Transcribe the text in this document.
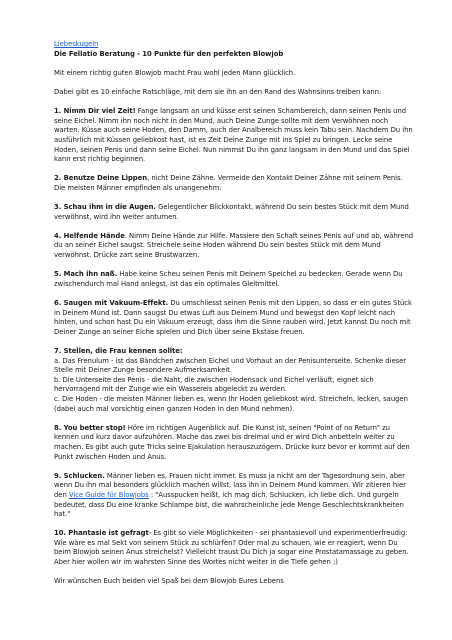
Liebeskugeln
Die Fellatio Beratung - 10 Punkte für den perfekten Blowjob

Mit einem richtig guten Blowjob macht Frau wohl jeden Mann glücklich.

Dabei gibt es 10 einfache Ratschläge, mit dem sie ihn an den Rand des Wahnsinns treiben kann:

1. Nimm Dir viel Zeit! Fange langsam an und küsse erst seinen Schambereich, dann seinen Penis und seine Eichel. Nimm ihn noch nicht in den Mund, auch Deine Zunge sollte mit dem Verwöhnen noch warten. Küsse auch seine Hoden, den Damm, auch der Analbereich muss kein Tabu sein. Nachdem Du ihn ausführlich mit Küssen geliebkost hast, ist es Zeit Deine Zunge mit ins Spiel zu bringen. Lecke seine Hoden, seinen Penis und dann seine Eichel. Nun nimmst Du ihn ganz langsam in den Mund und das Spiel kann erst richtig beginnen.

2. Benutze Deine Lippen, nicht Deine Zähne. Vermeide den Kontakt Deiner Zähne mit seinem Penis. Die meisten Männer empfinden als unangenehm.

3. Schau ihm in die Augen. Gelegentlicher Blickkontakt, während Du sein bestes Stück mit dem Mund verwöhnst, wird ihn weiter anturnen.

4. Helfende Hände. Nimm Deine Hände zur Hilfe. Massiere den Schaft seines Penis auf und ab, während du an seiner Eichel saugst. Streichele seine Hoden während Du sein bestes Stück mit dem Mund verwöhnst. Drücke zart seine Brustwarzen.

5. Mach ihn naß. Habe keine Scheu seinen Penis mit Deinem Speichel zu bedecken. Gerade wenn Du zwischendurch mal Hand anlegst, ist das ein optimales Gleitmittel.

6. Saugen mit Vakuum-Effekt. Du umschliesst seinen Penis mit den Lippen, so dass er ein gutes Stück in Deinem Mund ist. Dann saugst Du etwas Luft aus Deinem Mund und bewegst den Kopf leicht nach hinten, und schon hast Du ein Vakuum erzeugt, dass ihm die Sinne rauben wird. Jetzt kannst Du noch mit Deiner Zunge an seiner Eiche spielen und Dich über seine Ekstase freuen.

7. Stellen, die Frau kennen sollte:
a. Das Frenulum - ist das Bändchen zwischen Eichel und Vorhaut an der Penisunterseite. Schenke dieser Stelle mit Deiner Zunge besondere Aufmerksamkeit.
b. Die Unterseite des Penis - die Naht, die zwischen Hodensack und Eichel verläuft, eignet sich hervorragend mit der Zunge wie ein Wassereis abgeleckt zu werden.
c. Die Hoden - die meisten Männer lieben es, wenn Ihr Hoden geliebkost wird. Streicheln, lecken, saugen (dabei auch mal vorsichtig einen ganzen Hoden in den Mund nehmen).

8. You better stop! Höre im richtigen Augenblick auf. Die Kunst ist, seinen "Point of no Return" zu kennen und kurz davor aufzuhören. Mache das zwei bis dreimal und er wird Dich anbetteln weiter zu machen. Es gibt auch gute Tricks seine Ejakulation herauszuzögern. Drücke kurz bevor er kommt auf den Punkt zwischen Hoden und Anus.

9. Schlucken. Männer lieben es, Frauen nicht immer. Es muss ja nicht am der Tagesordnung sein, aber wenn Du ihn mal besonders glücklich machen willst, lass ihn in Deinem Mund kommen. Wir zitieren hier den Vice Guide für Blowjobs : "Ausspucken heißt, ich mag dich. Schlucken, ich liebe dich. Und gurgeln bedeutet, dass Du eine kranke Schlampe bist, die wahrscheinliche jede Menge Geschlechtskrankheiten hat."

10. Phantasie ist gefragt- Es gibt so viele Möglichkeiten - sei phantasievoll und experimentierfreudig: Wie wäre es mal Sekt von seinem Stück zu schlürfen? Oder mal zu schauen, wie er reagiert, wenn Du beim Blowjob seinen Anus streichelst? Vielleicht traust Du Dich ja sogar eine Prostatamassage zu geben. Aber hier wollen wir im wahrsten Sinne des Wortes nicht weiter in die Tiefe gehen ;)

Wir wünschen Euch beiden viel Spaß bei dem Blowjob Eures Lebens
